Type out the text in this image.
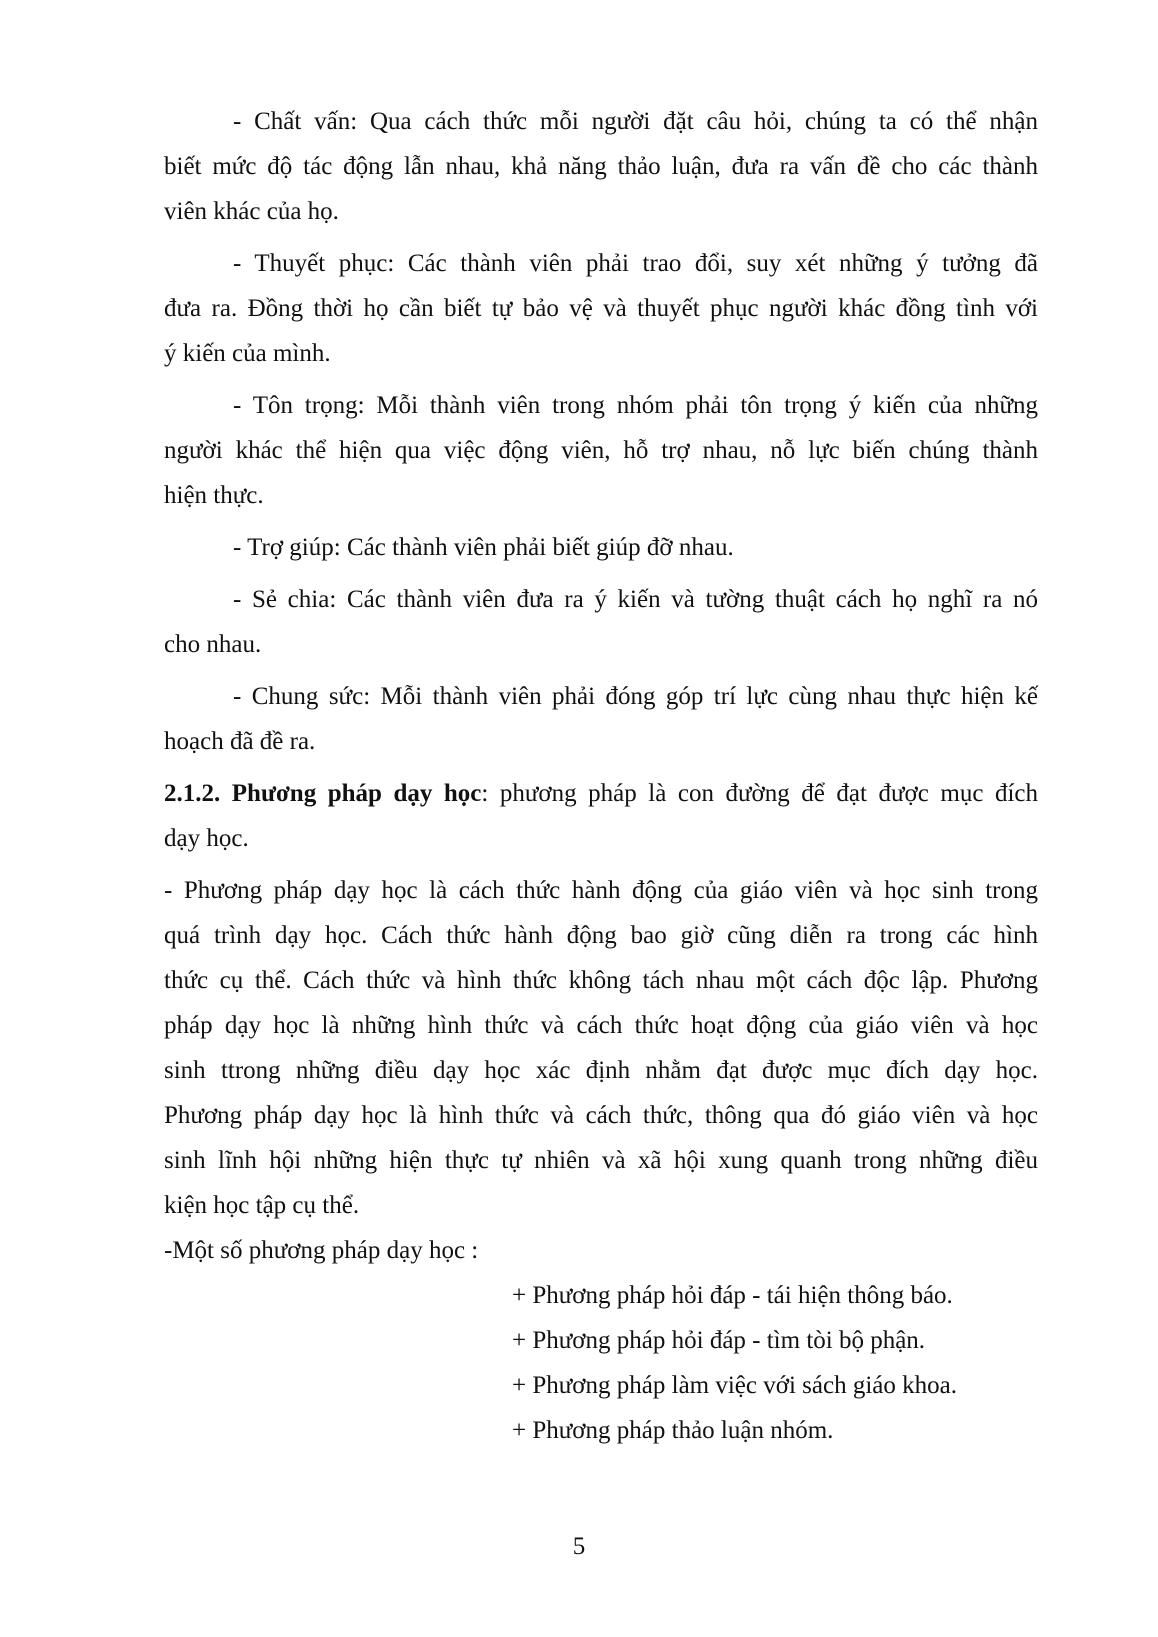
- Chất vấn: Qua cách thức mỗi người đặt câu hỏi, chúng ta có thể nhận
biết mức độ tác động lẫn nhau, khả năng thảo luận, đưa ra vấn đề cho các thành
viên khác của họ.
- Thuyết phục: Các thành viên phải trao đổi, suy xét những ý tưởng đã
đưa ra. Đồng thời họ cần biết tự bảo vệ và thuyết phục người khác đồng tình với
ý kiến của mình.
- Tôn trọng: Mỗi thành viên trong nhóm phải tôn trọng ý kiến của những
người khác thể hiện qua việc động viên, hỗ trợ nhau, nỗ lực biến chúng thành
hiện thực.
- Trợ giúp: Các thành viên phải biết giúp đỡ nhau.
- Sẻ chia: Các thành viên đưa ra ý kiến và tường thuật cách họ nghĩ ra nó
cho nhau.
- Chung sức: Mỗi thành viên phải đóng góp trí lực cùng nhau thực hiện kế
hoạch đã đề ra.
2.1.2. Phương pháp dạy học: phương pháp là con đường để đạt được mục đích
dạy học.
- Phương pháp dạy học là cách thức hành động của giáo viên và học sinh trong
quá trình dạy học. Cách thức hành động bao giờ cũng diễn ra trong các hình
thức cụ thể. Cách thức và hình thức không tách nhau một cách độc lập. Phương
pháp dạy học là những hình thức và cách thức hoạt động của giáo viên và học
sinh ttrong những điều dạy học xác định nhằm đạt được mục đích dạy học.
Phương pháp dạy học là hình thức và cách thức, thông qua đó giáo viên và học
sinh lĩnh hội những hiện thực tự nhiên và xã hội xung quanh trong những điều
kiện học tập cụ thể.
-Một số phương pháp dạy học :
+ Phương pháp hỏi đáp - tái hiện thông báo.
+ Phương pháp hỏi đáp - tìm tòi bộ phận.
+ Phương pháp làm việc với sách giáo khoa.
+ Phương pháp thảo luận nhóm.
5
